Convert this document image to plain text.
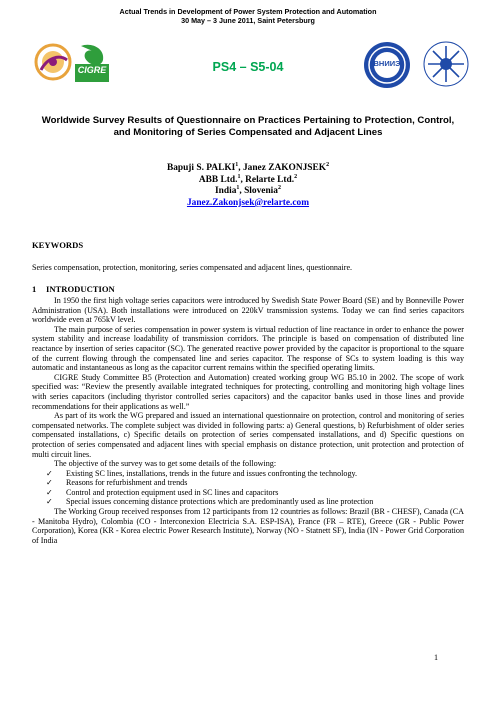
Actual Trends in Development of Power System Protection and Automation
30 May – 3 June 2011, Saint Petersburg
CIGRE	PS4 – S5-04	ВНИИЭ
Worldwide Survey Results of Questionnaire on Practices Pertaining to Protection, Control, and Monitoring of Series Compensated and Adjacent Lines
Bapuji S. PALKI$^1$, Janez ZAKONJSEK$^2$
ABB Ltd.$^1$, Relarte Ltd.$^2$
India$^1$, Slovenia$^2$
Janez.Zakonjsek@relarte.com
KEYWORDS
Series compensation, protection, monitoring, series compensated and adjacent lines, questionnaire.
1 INTRODUCTION

In 1950 the first high voltage series capacitors were introduced by Swedish State Power Board (SE) and by Bonneville Power Administration (USA). Both installations were introduced on 220kV transmission systems. Today we can find series capacitors worldwide even at 765kV level.

The main purpose of series compensation in power system is virtual reduction of line reactance in order to enhance the power system stability and increase loadability of transmission corridors. The principle is based on compensation of distributed line reactance by insertion of series capacitor (SC). The generated reactive power provided by the capacitor is proportional to the square of the current flowing through the compensated line and series capacitor. The response of SCs to system loading is this way automatic and instantaneous as long as the capacitor current remains within the specified operating limits.

CIGRE Study Committee B5 (Protection and Automation) created working group WG B5.10 in 2002. The scope of work specified was: “Review the presently available integrated techniques for protecting, controlling and monitoring high voltage lines with series capacitors (including thyristor controlled series capacitors) and the capacitor banks used in those lines and provide recommendations for their applications as well.”

As part of its work the WG prepared and issued an international questionnaire on protection, control and monitoring of series compensated networks. The complete subject was divided in following parts: a) General questions, b) Refurbishment of older series compensated installations, c) Specific details on protection of series compensated installations, and d) Specific questions on protection of series compensated and adjacent lines with special emphasis on distance protection, unit protection and protection of multi circuit lines.

The objective of the survey was to get some details of the following:

✓ Existing SC lines, installations, trends in the future and issues confronting the technology.
✓ Reasons for refurbishment and trends
✓ Control and protection equipment used in SC lines and capacitors
✓ Special issues concerning distance protections which are predominantly used as line protection

The Working Group received responses from 12 participants from 12 countries as follows: Brazil (BR - CHESF), Canada (CA - Manitoba Hydro), Colombia (CO - Interconexion Electricia S.A. ESP-ISA), France (FR – RTE), Greece (GR - Public Power Corporation), Korea (KR - Korea electric Power Research Institute), Norway (NO - Statnett SF), India (IN - Power Grid Corporation of India

1
